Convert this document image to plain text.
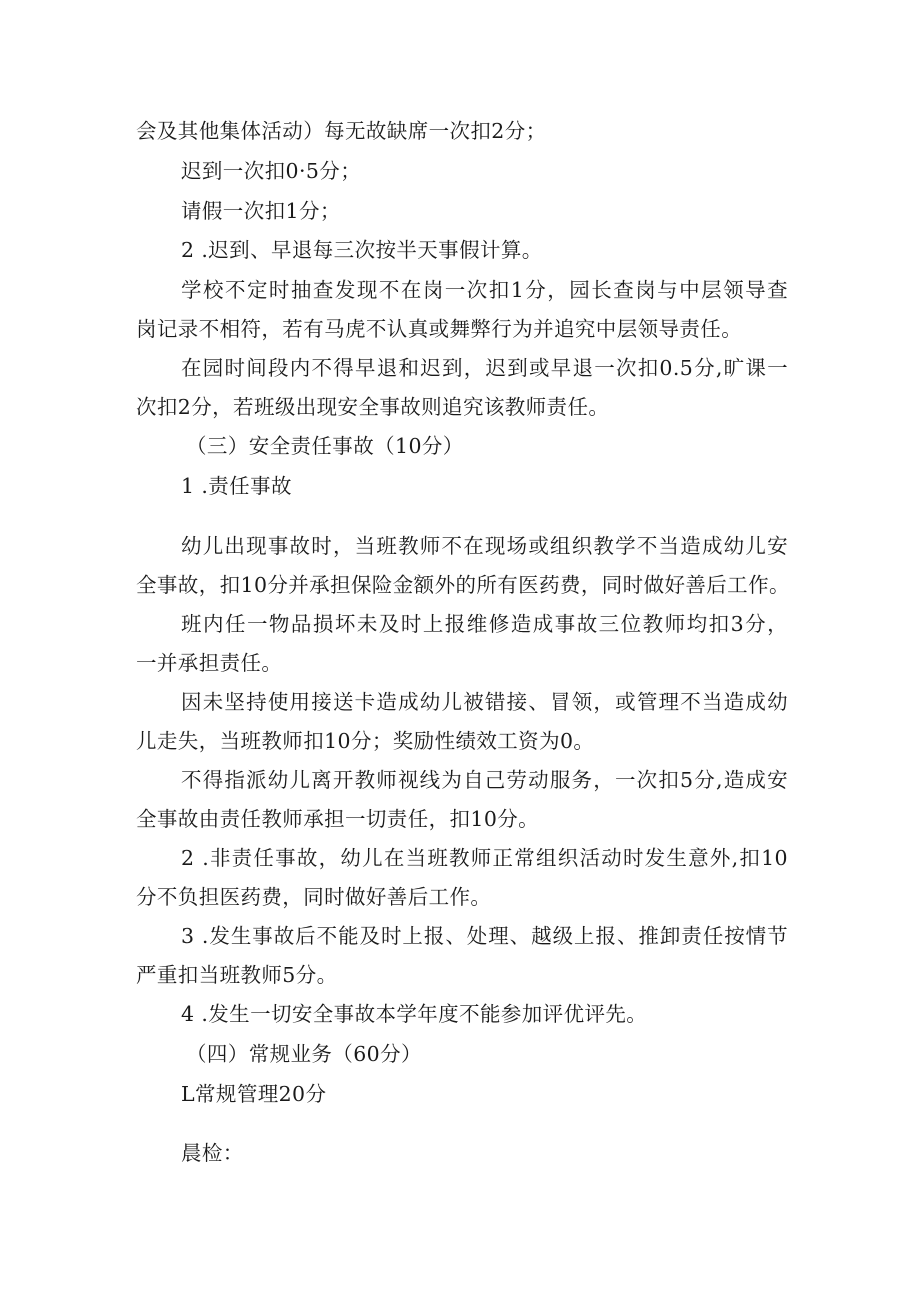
会及其他集体活动）每无故缺席一次扣2分；
迟到一次扣0·5分；
请假一次扣1分；
2 .迟到、早退每三次按半天事假计算。
学校不定时抽查发现不在岗一次扣1分，园长查岗与中层领导查
岗记录不相符，若有马虎不认真或舞弊行为并追究中层领导责任。
在园时间段内不得早退和迟到，迟到或早退一次扣0.5分,旷课一
次扣2分，若班级出现安全事故则追究该教师责任。
（三）安全责任事故（10分）
1 .责任事故
幼儿出现事故时，当班教师不在现场或组织教学不当造成幼儿安
全事故，扣10分并承担保险金额外的所有医药费，同时做好善后工作。
班内任一物品损坏未及时上报维修造成事故三位教师均扣3分，
一并承担责任。
因未坚持使用接送卡造成幼儿被错接、冒领，或管理不当造成幼
儿走失，当班教师扣10分；奖励性绩效工资为0。
不得指派幼儿离开教师视线为自己劳动服务，一次扣5分,造成安
全事故由责任教师承担一切责任，扣10分。
2 .非责任事故，幼儿在当班教师正常组织活动时发生意外,扣10
分不负担医药费，同时做好善后工作。
3 .发生事故后不能及时上报、处理、越级上报、推卸责任按情节
严重扣当班教师5分。
4 .发生一切安全事故本学年度不能参加评优评先。
（四）常规业务（60分）
L常规管理20分
晨检：
